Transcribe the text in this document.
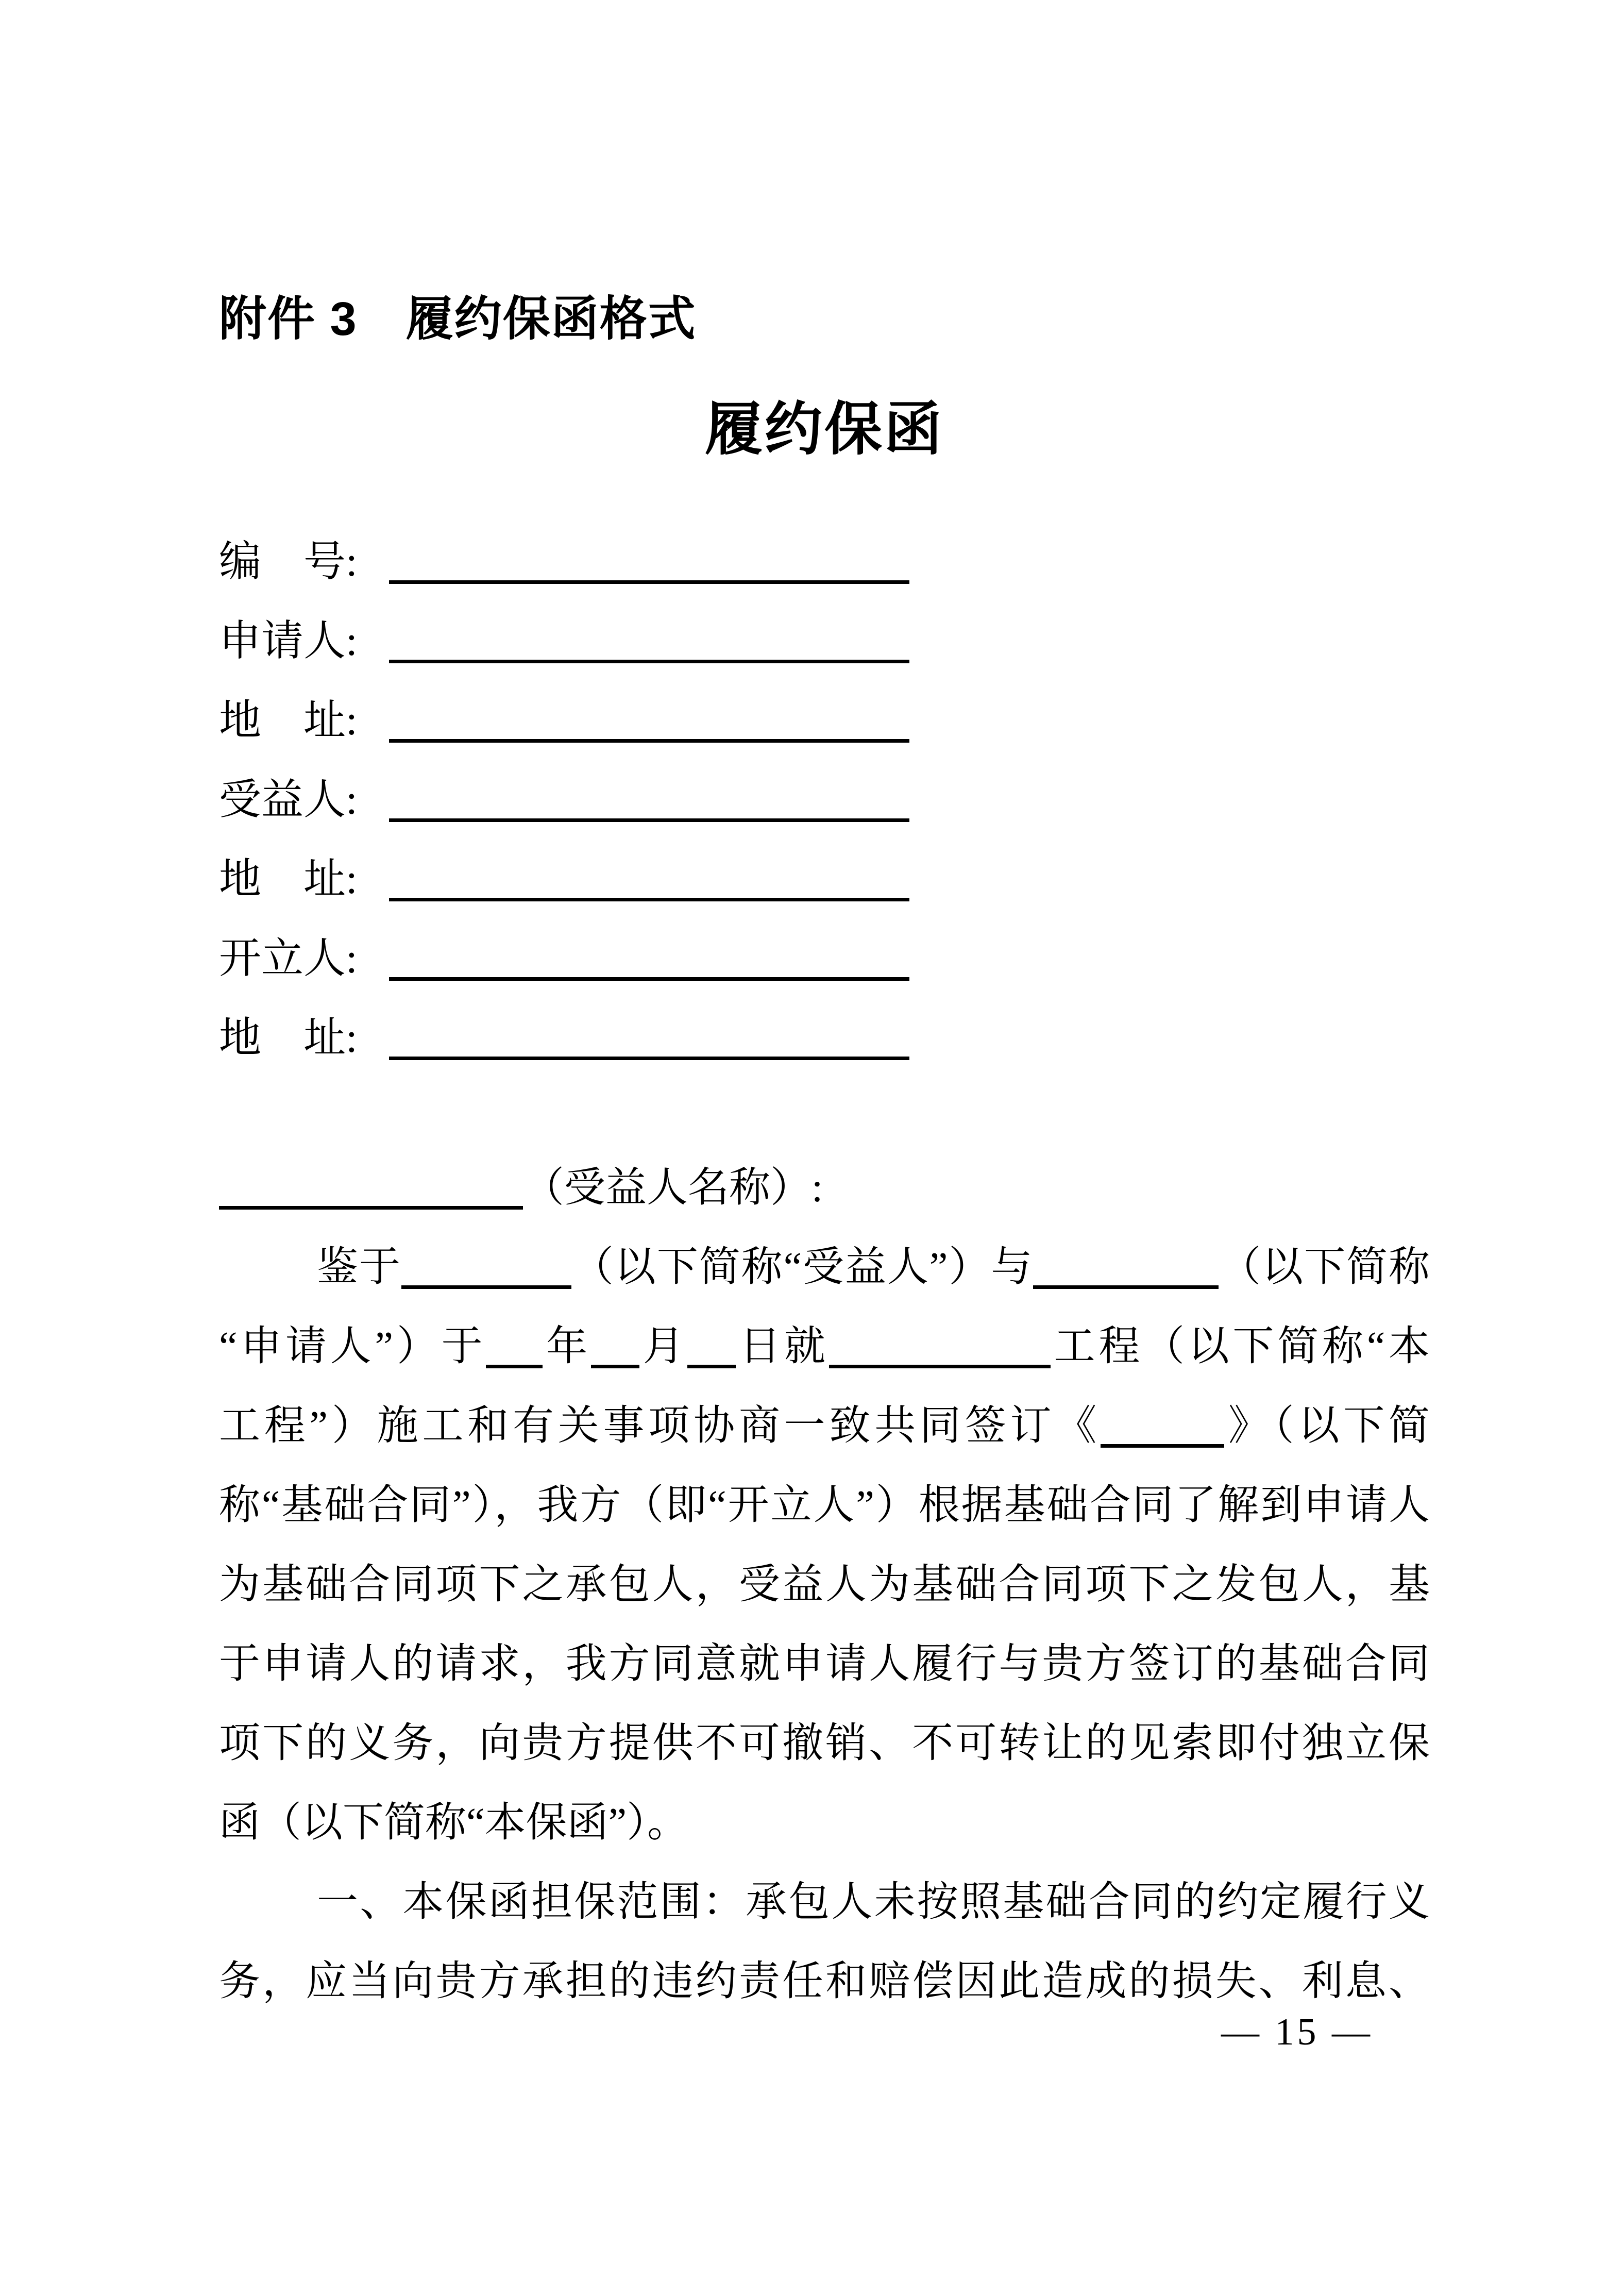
附件 3　履约保函格式
履约保函
编　号:
申请人:
地　址:
受益人:
地　址:
开立人:
地　址:
（受益人名称）:
鉴于	（以下简称“受益人”）与	（以下简称
“申请人”）于 年 月 日就	工程（以下简称“本
工程”）施工和有关事项协商一致共同签订《	》（以下简
称“基础合同”），我方（即“开立人”）根据基础合同了解到申请人
为基础合同项下之承包人，受益人为基础合同项下之发包人，基
于申请人的请求，我方同意就申请人履行与贵方签订的基础合同
项下的义务，向贵方提供不可撤销、不可转让的见索即付独立保
函（以下简称“本保函”）。
一、本保函担保范围：承包人未按照基础合同的约定履行义
务，应当向贵方承担的违约责任和赔偿因此造成的损失、利息、
— 15 —
